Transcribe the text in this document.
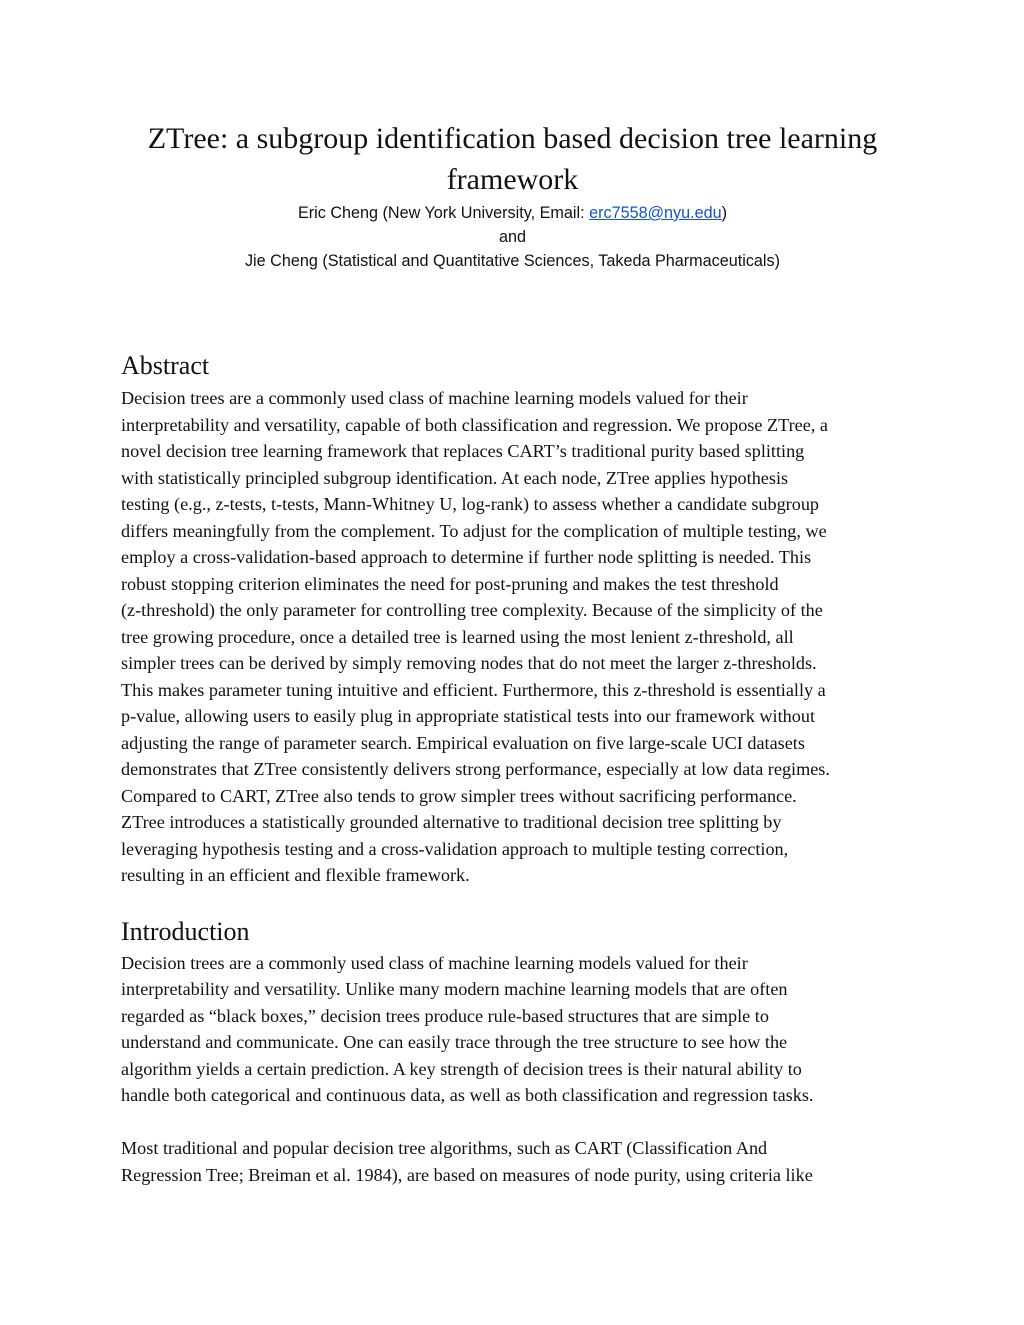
ZTree: a subgroup identification based decision tree learning framework
Eric Cheng (New York University, Email: erc7558@nyu.edu)
and
Jie Cheng (Statistical and Quantitative Sciences, Takeda Pharmaceuticals)
Abstract

Decision trees are a commonly used class of machine learning models valued for their
interpretability and versatility, capable of both classification and regression. We propose ZTree, a
novel decision tree learning framework that replaces CART’s traditional purity based splitting
with statistically principled subgroup identification. At each node, ZTree applies hypothesis
testing (e.g., z-tests, t-tests, Mann-Whitney U, log-rank) to assess whether a candidate subgroup
differs meaningfully from the complement. To adjust for the complication of multiple testing, we
employ a cross-validation-based approach to determine if further node splitting is needed. This
robust stopping criterion eliminates the need for post-pruning and makes the test threshold
(z-threshold) the only parameter for controlling tree complexity. Because of the simplicity of the
tree growing procedure, once a detailed tree is learned using the most lenient z-threshold, all
simpler trees can be derived by simply removing nodes that do not meet the larger z-thresholds.
This makes parameter tuning intuitive and efficient. Furthermore, this z-threshold is essentially a
p-value, allowing users to easily plug in appropriate statistical tests into our framework without
adjusting the range of parameter search. Empirical evaluation on five large-scale UCI datasets
demonstrates that ZTree consistently delivers strong performance, especially at low data regimes.
Compared to CART, ZTree also tends to grow simpler trees without sacrificing performance.
ZTree introduces a statistically grounded alternative to traditional decision tree splitting by
leveraging hypothesis testing and a cross-validation approach to multiple testing correction,
resulting in an efficient and flexible framework.

Introduction

Decision trees are a commonly used class of machine learning models valued for their
interpretability and versatility. Unlike many modern machine learning models that are often
regarded as “black boxes,” decision trees produce rule-based structures that are simple to
understand and communicate. One can easily trace through the tree structure to see how the
algorithm yields a certain prediction. A key strength of decision trees is their natural ability to
handle both categorical and continuous data, as well as both classification and regression tasks.

Most traditional and popular decision tree algorithms, such as CART (Classification And
Regression Tree; Breiman et al. 1984), are based on measures of node purity, using criteria like
